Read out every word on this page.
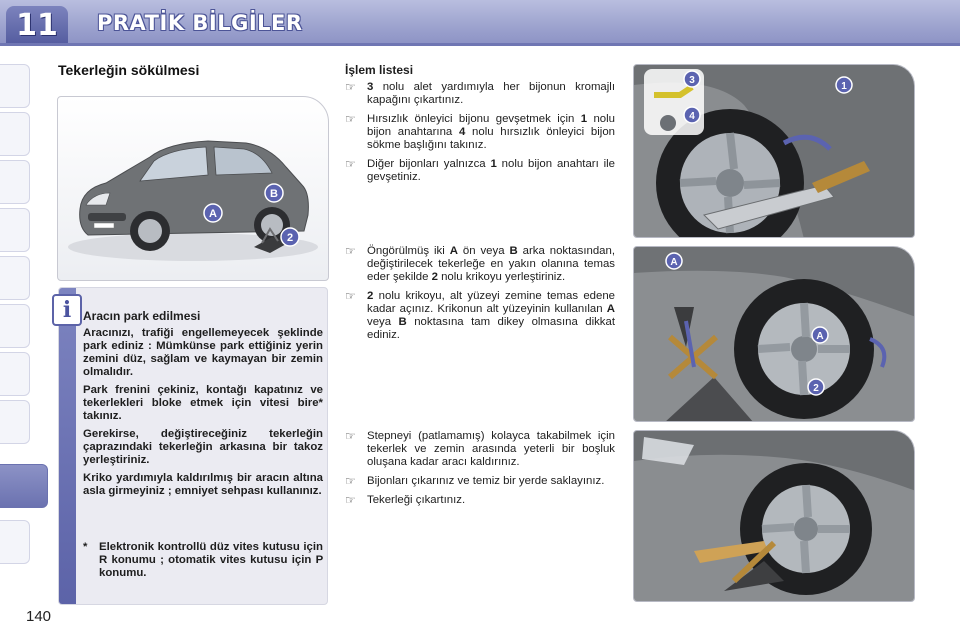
11	PRATİK BİLGİLER
Tekerleğin sökülmesi
A
B
2
i Aracın park edilmesi

Aracınızı, trafiği engellemeyecek şeklinde park ediniz : Mümkünse park ettiğiniz yerin zemini düz, sağlam ve kaymayan bir zemin olmalıdır.

Park frenini çekiniz, kontağı kapatınız ve tekerlekleri bloke etmek için vitesi bire* takınız.

Gerekirse, değiştireceğiniz tekerleğin çaprazındaki tekerleğin arkasına bir takoz yerleştiriniz.

Kriko yardımıyla kaldırılmış bir aracın altına asla girmeyiniz ; emniyet sehpası kullanınız.

*	Elektronik kontrollü düz vites kutusu için R konumu ; otomatik vites kutusu için P konumu.
İşlem listesi
☞ 3 nolu alet yardımıyla her bijonun kromajlı kapağını çıkartınız.
☞ Hırsızlık önleyici bijonu gevşetmek için 1 nolu bijon anahtarına 4 nolu hırsızlık önleyici bijon sökme başlığını takınız.
☞ Diğer bijonları yalnızca 1 nolu bijon anahtarı ile gevşetiniz.
☞ Öngörülmüş iki A ön veya B arka noktasından, değiştirilecek tekerleğe en yakın olanına temas eder şekilde 2 nolu krikoyu yerleştiriniz.
☞ 2 nolu krikoyu, alt yüzeyi zemine temas edene kadar açınız. Krikonun alt yüzeyinin kullanılan A veya B noktasına tam dikey olmasına dikkat ediniz.
☞ Stepneyi (patlamamış) kolayca takabilmek için tekerlek ve zemin arasında yeterli bir boşluk oluşana kadar aracı kaldırınız.
☞ Bijonları çıkarınız ve temiz bir yerde saklayınız.
☞ Tekerleği çıkartınız.
3
1
4
A
A
2
140
